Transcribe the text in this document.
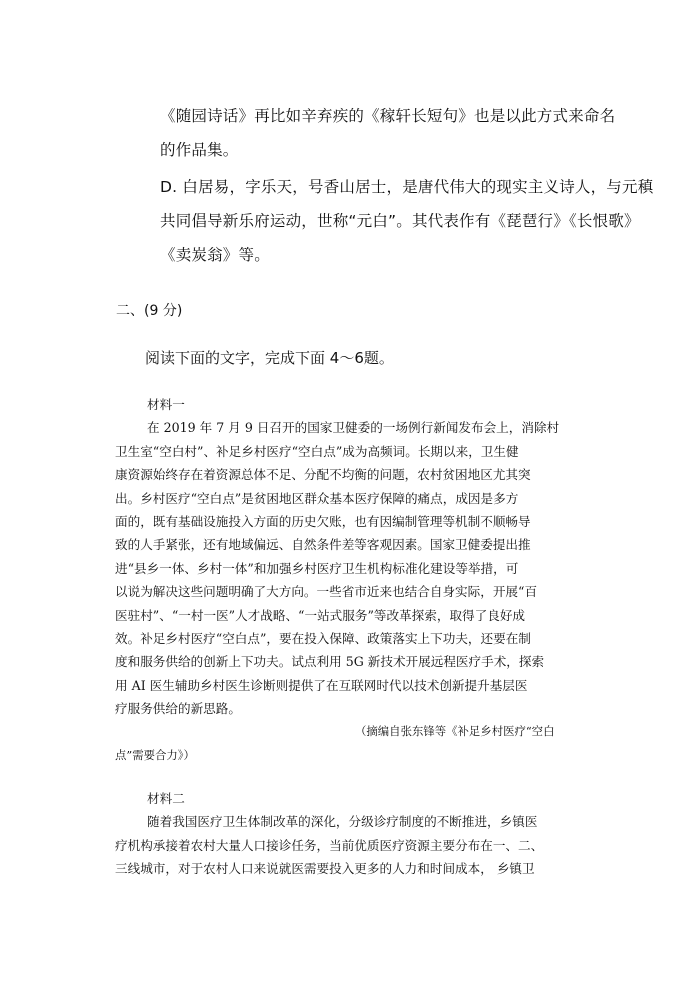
《随园诗话》再比如辛弃疾的《稼轩长短句》也是以此方式来命名
的作品集。
D. 白居易，字乐天，号香山居士，是唐代伟大的现实主义诗人，与元稹
共同倡导新乐府运动，世称“元白”。其代表作有《琵琶行》《长恨歌》
《卖炭翁》等。
二、(9 分)
阅读下面的文字，完成下面 4～6题。
材料一
在 2019 年 7 月 9 日召开的国家卫健委的一场例行新闻发布会上，消除村
卫生室“空白村”、补足乡村医疗“空白点”成为高频词。长期以来，卫生健
康资源始终存在着资源总体不足、分配不均衡的问题，农村贫困地区尤其突
出。乡村医疗“空白点”是贫困地区群众基本医疗保障的痛点，成因是多方
面的，既有基础设施投入方面的历史欠账，也有因编制管理等机制不顺畅导
致的人手紧张，还有地域偏远、自然条件差等客观因素。国家卫健委提出推
进“县乡一体、乡村一体”和加强乡村医疗卫生机构标准化建设等举措，可
以说为解决这些问题明确了大方向。一些省市近来也结合自身实际，开展“百
医驻村”、“一村一医”人才战略、“一站式服务”等改革探索，取得了良好成
效。补足乡村医疗“空白点”，要在投入保障、政策落实上下功夫，还要在制
度和服务供给的创新上下功夫。试点利用 5G 新技术开展远程医疗手术，探索
用 AI 医生辅助乡村医生诊断则提供了在互联网时代以技术创新提升基层医
疗服务供给的新思路。
（摘编自张东锋等《补足乡村医疗“空白
点”需要合力》）
材料二
随着我国医疗卫生体制改革的深化，分级诊疗制度的不断推进，乡镇医
疗机构承接着农村大量人口接诊任务，当前优质医疗资源主要分布在一、二、
三线城市，对于农村人口来说就医需要投入更多的人力和时间成本， 乡镇卫
